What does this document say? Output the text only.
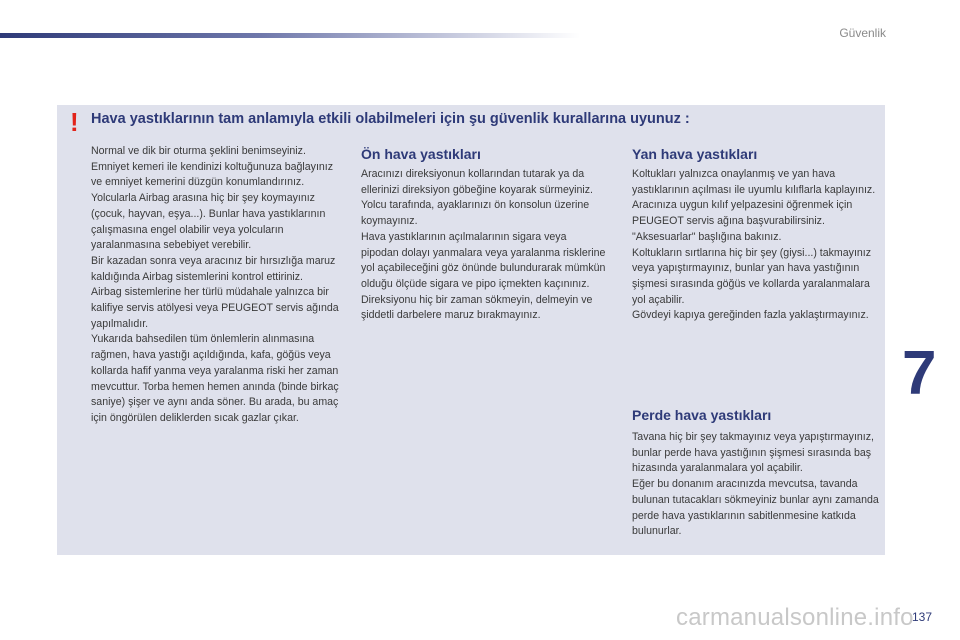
Güvenlik
7
! Hava yastıklarının tam anlamıyla etkili olabilmeleri için şu güvenlik kurallarına uyunuz :

Normal ve dik bir oturma şeklini benimseyiniz.

Emniyet kemeri ile kendinizi koltuğunuza bağlayınız ve emniyet kemerini düzgün konumlandırınız.

Yolcularla Airbag arasına hiç bir şey koymayınız (çocuk, hayvan, eşya...). Bunlar hava yastıklarının çalışmasına engel olabilir veya yolcuların yaralanmasına sebebiyet verebilir.

Bir kazadan sonra veya aracınız bir hırsızlığa maruz kaldığında Airbag sistemlerini kontrol ettiriniz.

Airbag sistemlerine her türlü müdahale yalnızca bir kalifiye servis atölyesi veya PEUGEOT servis ağında yapılmalıdır.

Yukarıda bahsedilen tüm önlemlerin alınmasına rağmen, hava yastığı açıldığında, kafa, göğüs veya kollarda hafif yanma veya yaralanma riski her zaman mevcuttur. Torba hemen hemen anında (binde birkaç saniye) şişer ve aynı anda söner. Bu arada, bu amaç için öngörülen deliklerden sıcak gazlar çıkar.

Ön hava yastıkları

Aracınızı direksiyonun kollarından tutarak ya da ellerinizi direksiyon göbeğine koyarak sürmeyiniz.

Yolcu tarafında, ayaklarınızı ön konsolun üzerine koymayınız.

Hava yastıklarının açılmalarının sigara veya pipodan dolayı yanmalara veya yaralanma risklerine yol açabileceğini göz önünde bulundurarak mümkün olduğu ölçüde sigara ve pipo içmekten kaçınınız.

Direksiyonu hiç bir zaman sökmeyin, delmeyin ve şiddetli darbelere maruz bırakmayınız.

Yan hava yastıkları

Koltukları yalnızca onaylanmış ve yan hava yastıklarının açılması ile uyumlu kılıflarla kaplayınız. Aracınıza uygun kılıf yelpazesini öğrenmek için PEUGEOT servis ağına başvurabilirsiniz.

"Aksesuarlar" başlığına bakınız.

Koltukların sırtlarına hiç bir şey (giysi...) takmayınız veya yapıştırmayınız, bunlar yan hava yastığının şişmesi sırasında göğüs ve kollarda yaralanmalara yol açabilir.

Gövdeyi kapıya gereğinden fazla yaklaştırmayınız.

Perde hava yastıkları

Tavana hiç bir şey takmayınız veya yapıştırmayınız, bunlar perde hava yastığının şişmesi sırasında baş hizasında yaralanmalara yol açabilir.

Eğer bu donanım aracınızda mevcutsa, tavanda bulunan tutacakları sökmeyiniz bunlar aynı zamanda perde hava yastıklarının sabitlenmesine katkıda bulunurlar.

carmanualsonline.info
137
